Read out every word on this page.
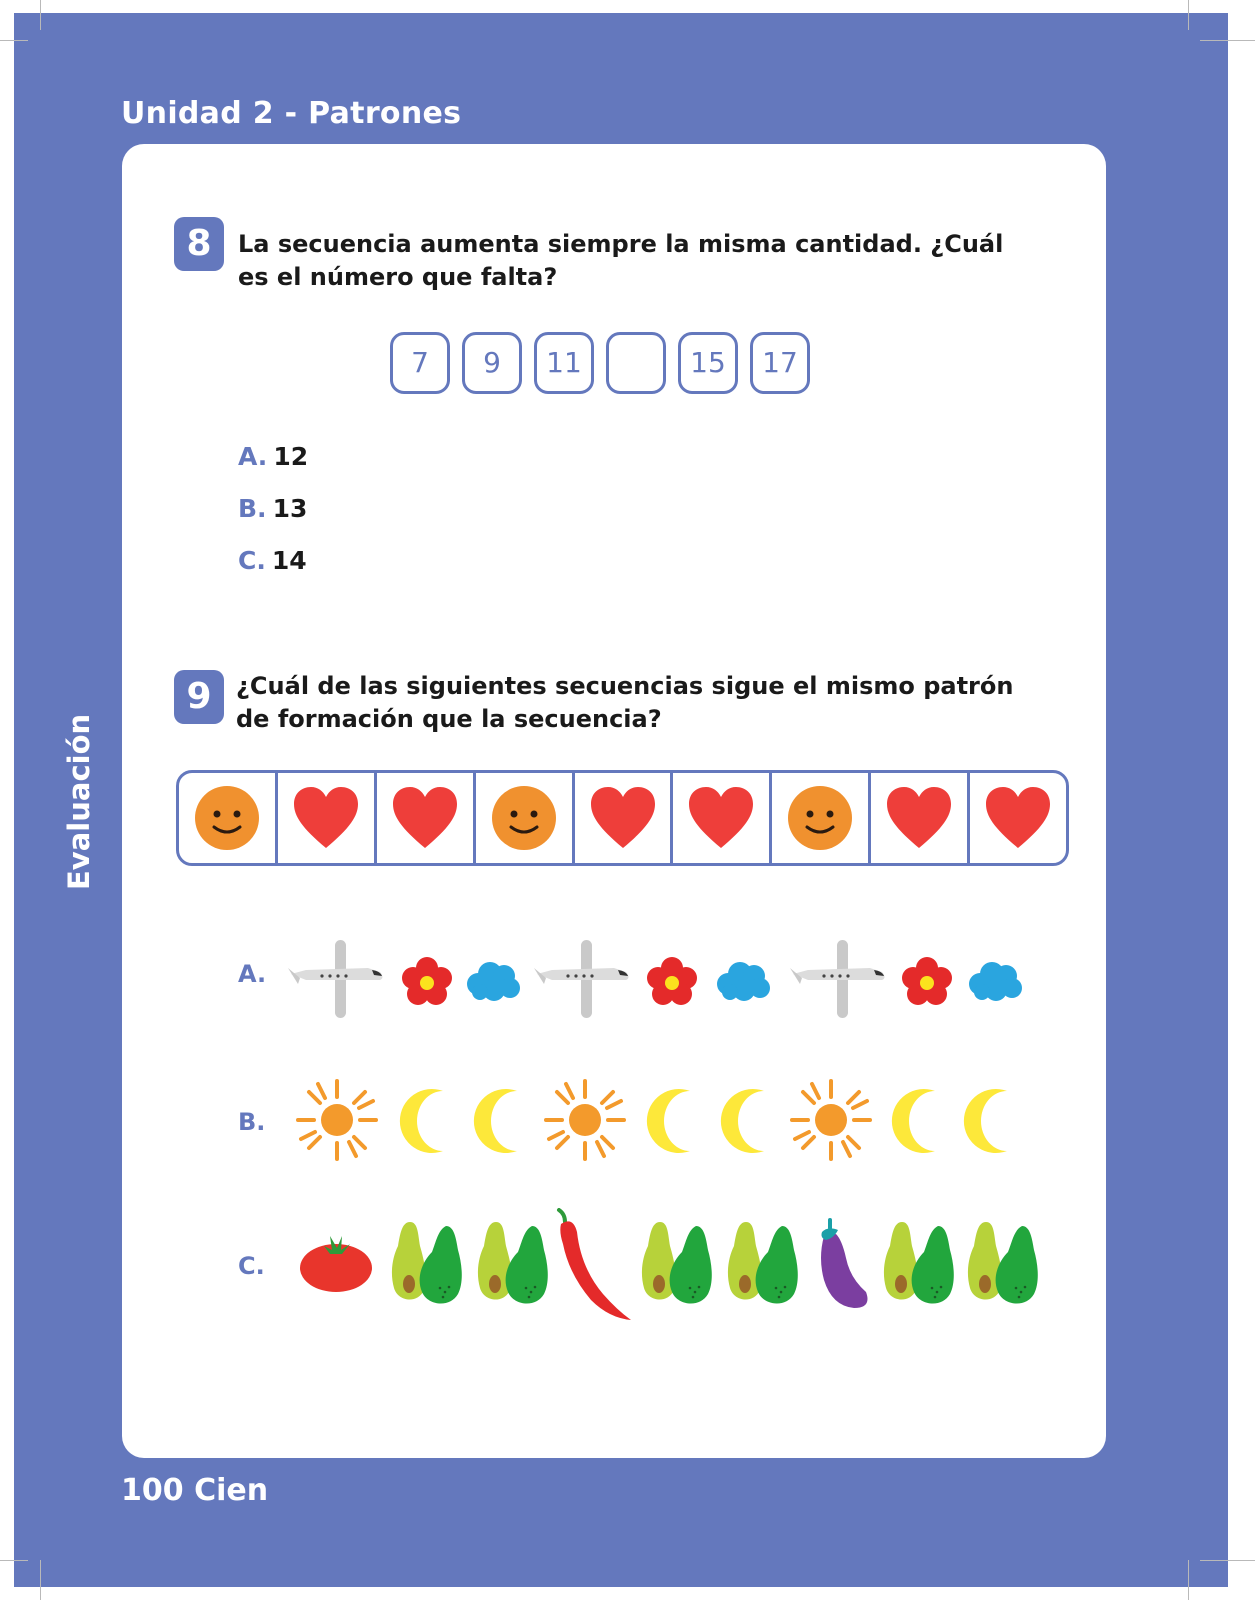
Unidad 2 - Patrones
Evaluación
100 Cien
8	La secuencia aumenta siempre la misma cantidad. ¿Cuál es el número que falta?
7	9	11	15	17
A. 12
B. 13
C. 14
9	¿Cuál de las siguientes secuencias sigue el mismo patrón de formación que la secuencia?
A.
B.
C.
